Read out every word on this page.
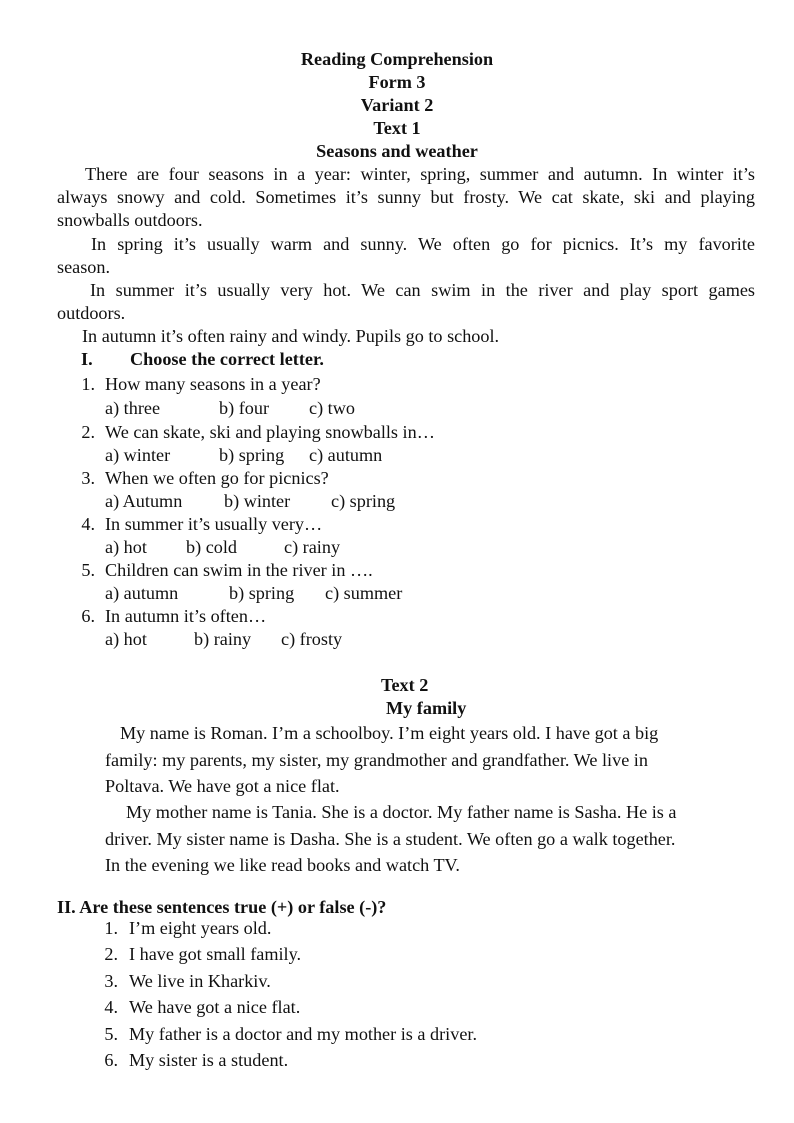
Reading Comprehension
Form 3
Variant 2
Text 1
Seasons and weather
There are four seasons in a year: winter, spring, summer and autumn. In winter it’s
always snowy and cold. Sometimes it’s sunny but frosty. We cat skate, ski and playing
snowballs outdoors.
In spring it’s usually warm and sunny. We often go for picnics. It’s my favorite
season.
In summer it’s usually very hot. We can swim in the river and play sport games
outdoors.
In autumn it’s often rainy and windy. Pupils go to school.
I. Choose the correct letter.
1. How many seasons in a year?
a) three	b) four c) two
2. We can skate, ski and playing snowballs in…
a) winter	b) spring c) autumn
3. When we often go for picnics?
a) Autumn b) winter c) spring
4. In summer it’s usually very…
a) hot b) cold	c) rainy
5. Children can swim in the river in ….
a) autumn	b) spring c) summer
6. In autumn it’s often…
a) hot	b) rainy c) frosty
Text 2
My family
My name is Roman. I’m a schoolboy. I’m eight years old. I have got a big
family: my parents, my sister, my grandmother and grandfather. We live in
Poltava. We have got a nice flat.
My mother name is Tania. She is a doctor. My father name is Sasha. He is a
driver. My sister name is Dasha. She is a student. We often go a walk together.
In the evening we like read books and watch TV.
II. Are these sentences true (+) or false (-)?
1. I’m eight years old.
2. I have got small family.
3. We live in Kharkiv.
4. We have got a nice flat.
5. My father is a doctor and my mother is a driver.
6. My sister is a student.
